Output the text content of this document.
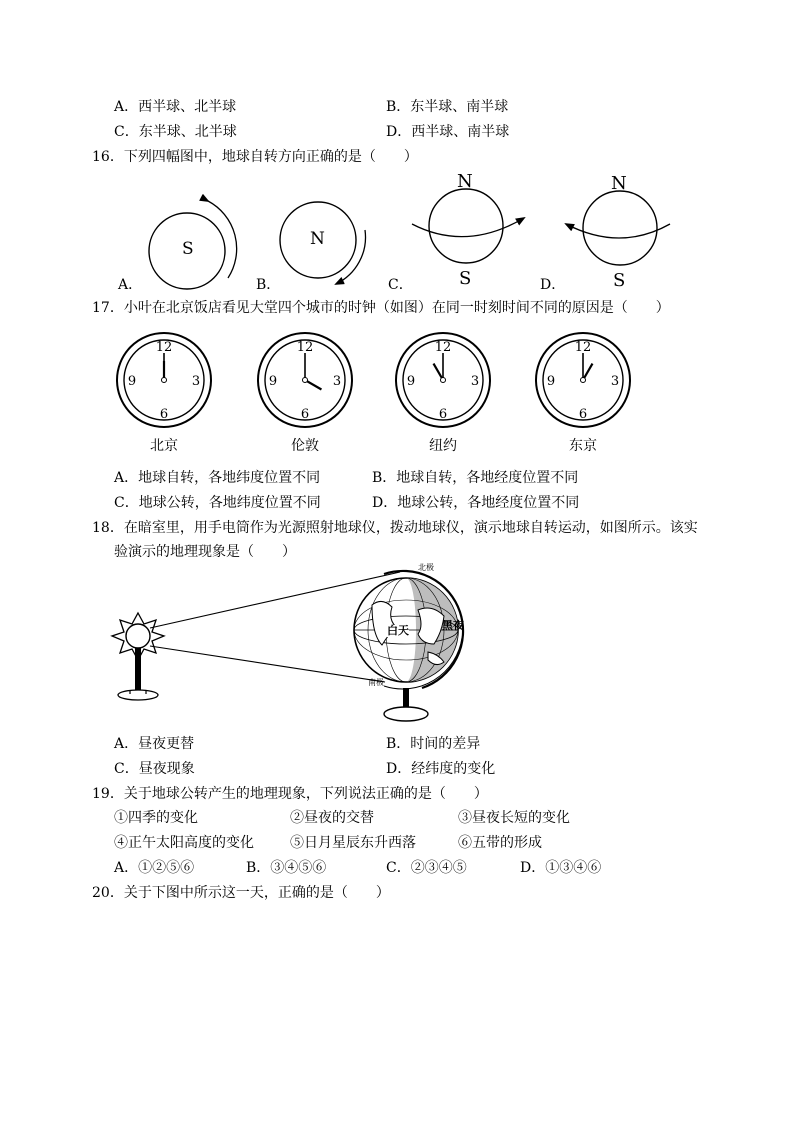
A．西半球、北半球	B．东半球、南半球
C．东半球、北半球	D．西半球、南半球
16．下列四幅图中，地球自转方向正确的是（　　）
S	N
N
S
N
S
A．	B．	C．	D．
17．小叶在北京饭店看见大堂四个城市的时钟（如图）在同一时刻时间不同的原因是（　　）
12
3
6
9
北京
12
3
6
9
伦敦
12
3
6
9
纽约
12
3
6
9
东京
A．地球自转，各地纬度位置不同	B．地球自转，各地经度位置不同
C．地球公转，各地纬度位置不同	D．地球公转，各地经度位置不同
18．在暗室里，用手电筒作为光源照射地球仪，拨动地球仪，演示地球自转运动，如图所示。该实
验演示的地理现象是（　　）
北极
南极
白天	黑夜
A．昼夜更替	B．时间的差异
C．昼夜现象	D．经纬度的变化
19．关于地球公转产生的地理现象，下列说法正确的是（　　）
①四季的变化	②昼夜的交替	③昼夜长短的变化
④正午太阳高度的变化	⑤日月星辰东升西落	⑥五带的形成
A．①②⑤⑥	B．③④⑤⑥	C．②③④⑤	D．①③④⑥
20．关于下图中所示这一天，正确的是（　　）
